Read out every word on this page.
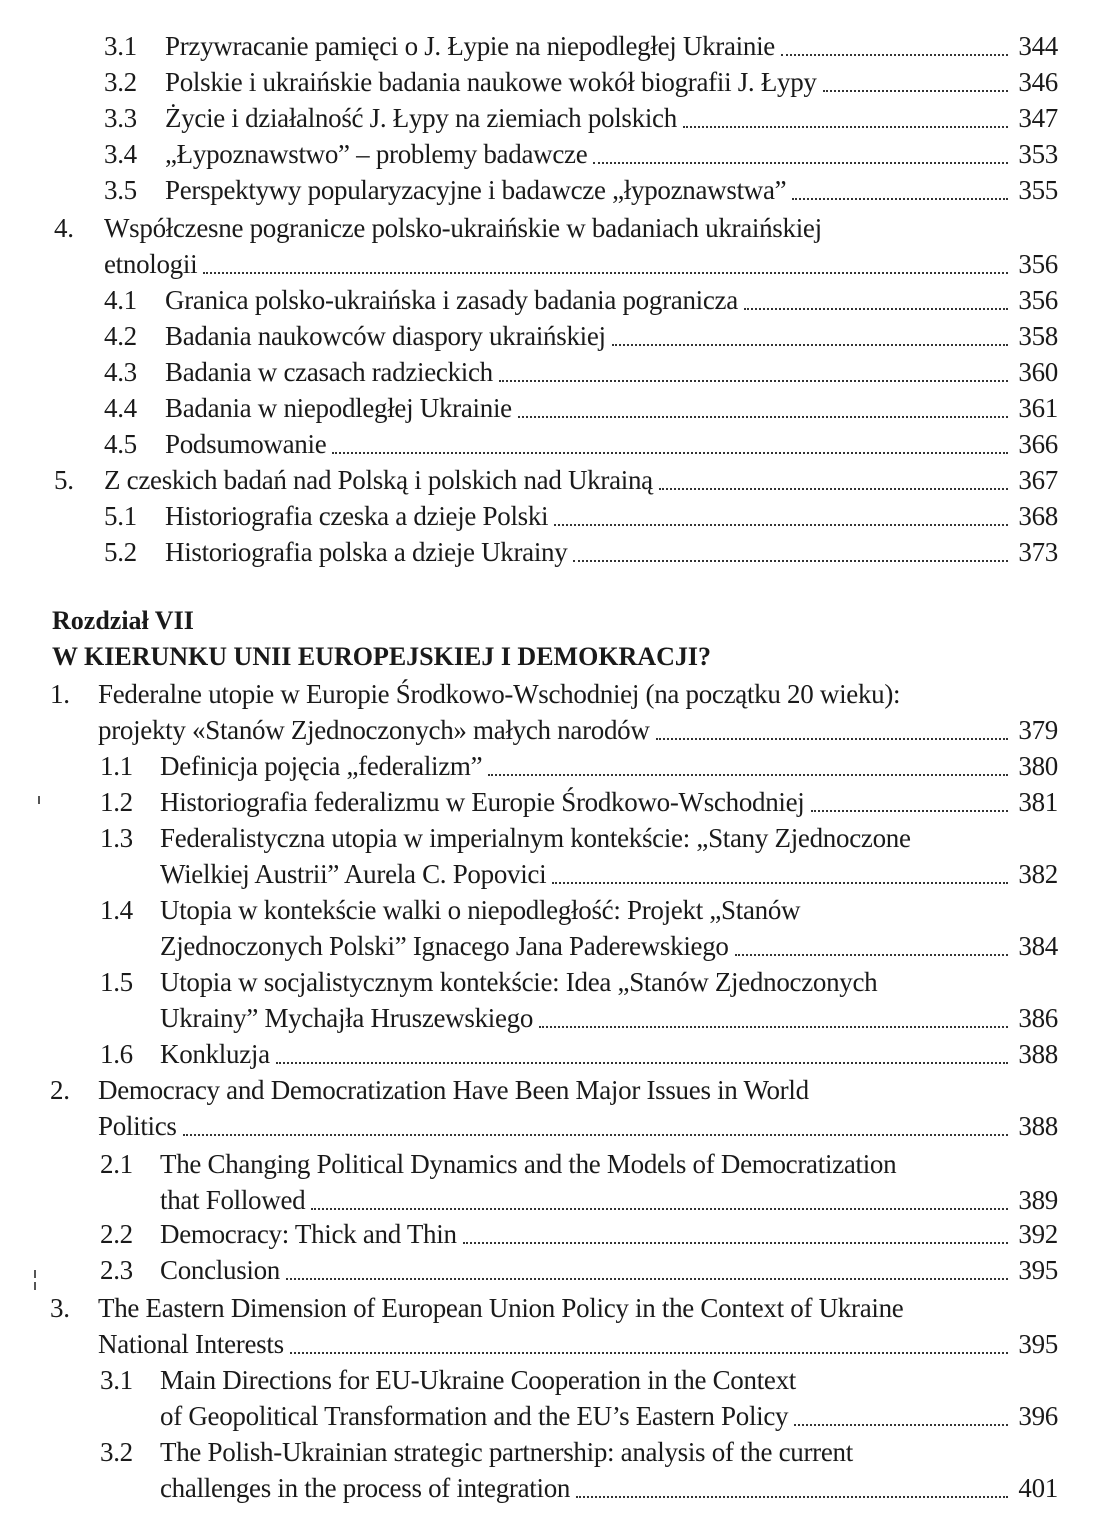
3.1 Przywracanie pamięci o J. Łypie na niepodległej Ukrainie	344
3.2 Polskie i ukraińskie badania naukowe wokół biografii J. Łypy	346
3.3 Życie i działalność J. Łypy na ziemiach polskich	347
3.4 „Łypoznawstwo” – problemy badawcze	353
3.5 Perspektywy popularyzacyjne i badawcze „łypoznawstwa”	355
4. Współczesne pogranicze polsko-ukraińskie w badaniach ukraińskiej
etnologii	356
4.1 Granica polsko-ukraińska i zasady badania pogranicza	356
4.2 Badania naukowców diaspory ukraińskiej	358
4.3 Badania w czasach radzieckich	360
4.4 Badania w niepodległej Ukrainie	361
4.5 Podsumowanie	366
5. Z czeskich badań nad Polską i polskich nad Ukrainą	367
5.1 Historiografia czeska a dzieje Polski	368
5.2 Historiografia polska a dzieje Ukrainy	373
Rozdział VII
W KIERUNKU UNII EUROPEJSKIEJ I DEMOKRACJI?
1. Federalne utopie w Europie Środkowo-Wschodniej (na początku 20 wieku):
projekty «Stanów Zjednoczonych» małych narodów	379
1.1 Definicja pojęcia „federalizm”	380
1.2 Historiografia federalizmu w Europie Środkowo-Wschodniej	381
1.3 Federalistyczna utopia w imperialnym kontekście: „Stany Zjednoczone
Wielkiej Austrii” Aurela C. Popovici	382
1.4 Utopia w kontekście walki o niepodległość: Projekt „Stanów
Zjednoczonych Polski” Ignacego Jana Paderewskiego	384
1.5 Utopia w socjalistycznym kontekście: Idea „Stanów Zjednoczonych
Ukrainy” Mychajła Hruszewskiego	386
1.6 Konkluzja	388
2. Democracy and Democratization Have Been Major Issues in World
Politics	388
2.1 The Changing Political Dynamics and the Models of Democratization
that Followed	389
2.2 Democracy: Thick and Thin	392
2.3 Conclusion	395
3. The Eastern Dimension of European Union Policy in the Context of Ukraine
National Interests	395
3.1 Main Directions for EU-Ukraine Cooperation in the Context
of Geopolitical Transformation and the EU’s Eastern Policy	396
3.2 The Polish-Ukrainian strategic partnership: analysis of the current
challenges in the process of integration	401
